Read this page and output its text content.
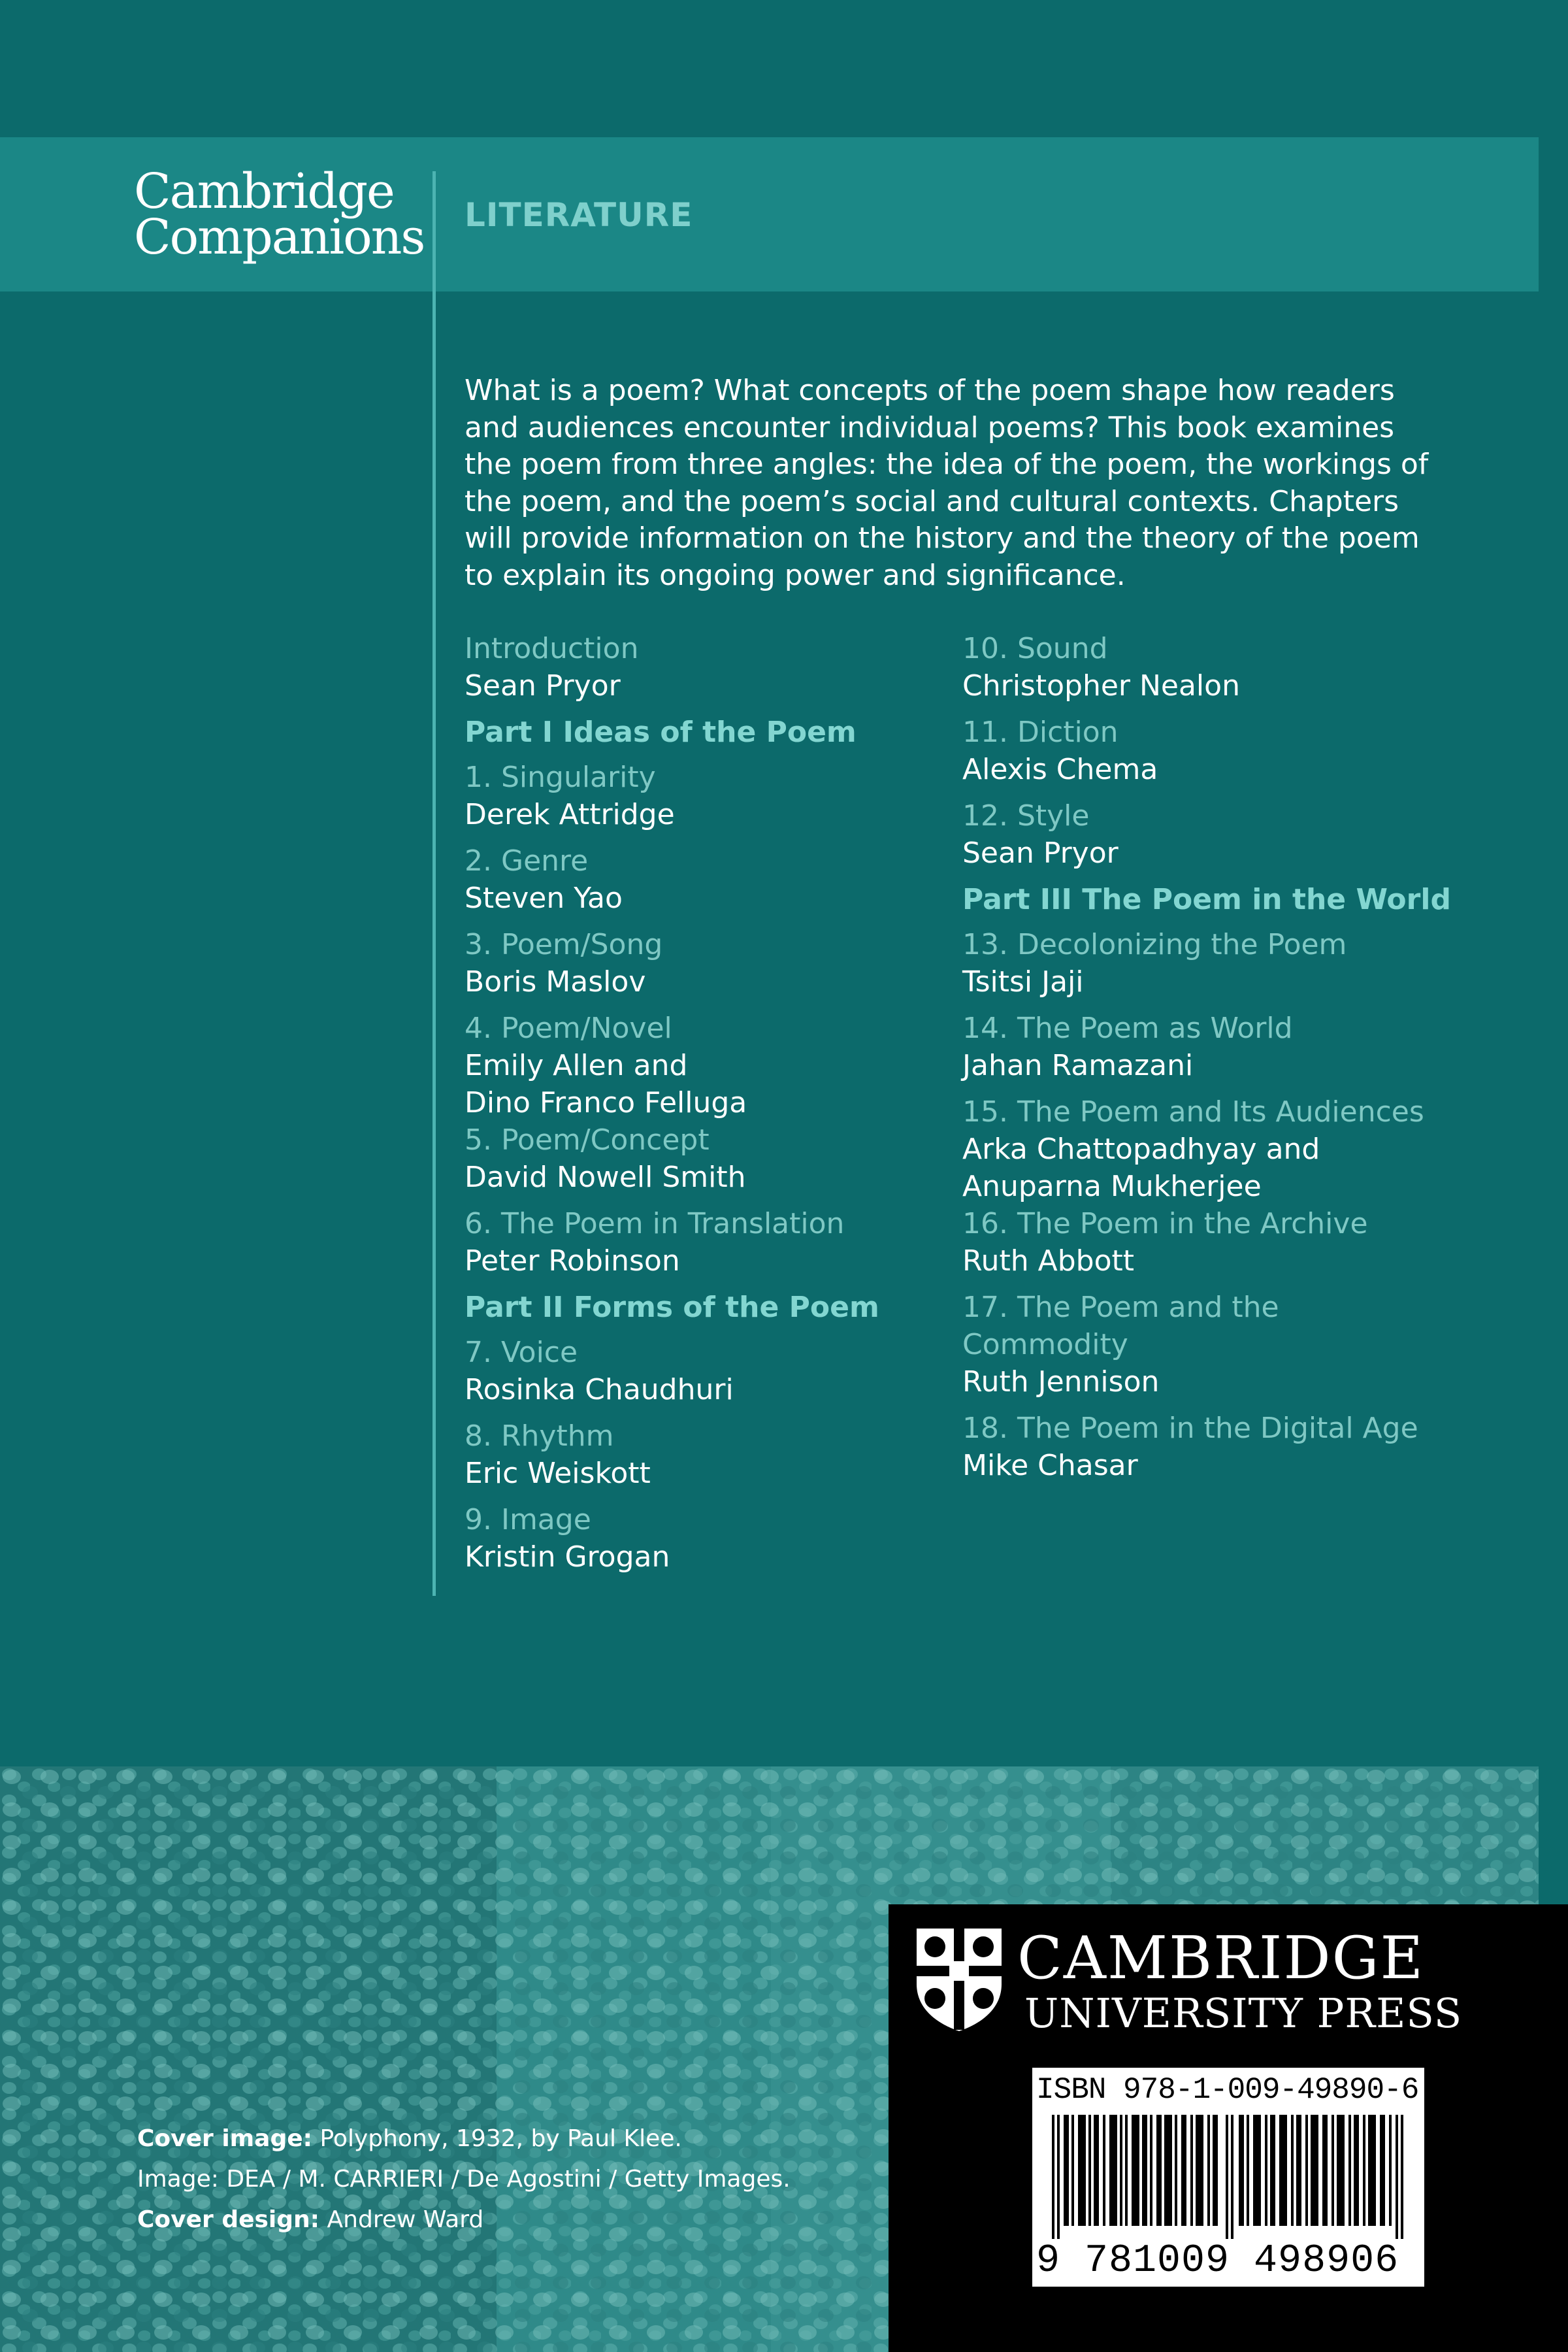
Cambridge
Companions LITERATURE
What is a poem? What concepts of the poem shape how readers and audiences encounter individual poems? This book examines the poem from three angles: the idea of the poem, the workings of the poem, and the poem’s social and cultural contexts. Chapters will provide information on the history and the theory of the poem to explain its ongoing power and significance.
Introduction
Sean Pryor
Part I Ideas of the Poem
1. Singularity
Derek Attridge
2. Genre
Steven Yao
3. Poem/Song
Boris Maslov
4. Poem/Novel
Emily Allen and
Dino Franco Felluga
5. Poem/Concept
David Nowell Smith
6. The Poem in Translation
Peter Robinson
Part II Forms of the Poem
7. Voice
Rosinka Chaudhuri
8. Rhythm
Eric Weiskott
9. Image
Kristin Grogan
10. Sound
Christopher Nealon
11. Diction
Alexis Chema
12. Style
Sean Pryor
Part III The Poem in the World
13. Decolonizing the Poem
Tsitsi Jaji
14. The Poem as World
Jahan Ramazani
15. The Poem and Its Audiences
Arka Chattopadhyay and
Anuparna Mukherjee
16. The Poem in the Archive
Ruth Abbott
17. The Poem and the
Commodity
Ruth Jennison
18. The Poem in the Digital Age
Mike Chasar
Cover image: Polyphony, 1932, by Paul Klee.
Image: DEA / M. CARRIERI / De Agostini / Getty Images.
Cover design: Andrew Ward
CAMBRIDGE
UNIVERSITY PRESS
ISBN 978-1-009-49890-6
9 781009 498906 >
